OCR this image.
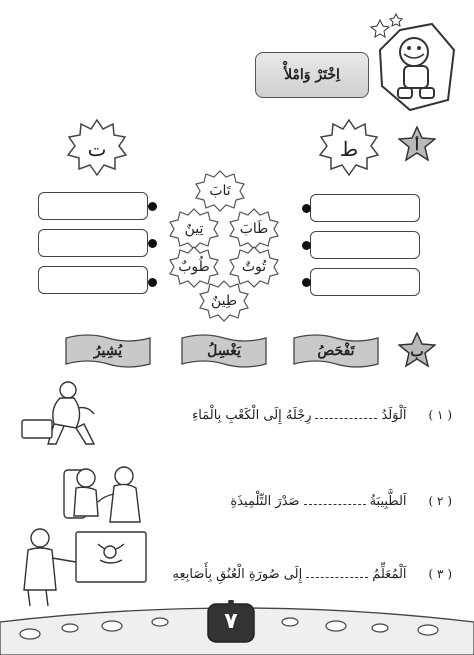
اِخْتَرْ وَامْلأْ
أ
ط
ت
تَابَ
طَابَ
تِينٌ
تُوتٌ
طُوبٌ
طِينٌ
ب
تَفْحَصُ
يَغْسِلُ
يُشِيرُ
( ١ )
اَلْوَلَدُ
رِجْلَهُ إِلَى الْكَعْبِ بِالْمَاءِ
( ٢ )
اَلطَّبِيبَةُ
صَدْرَ التِّلْمِيذَةِ
( ٣ )
اَلْمُعَلِّمُ
إِلَى صُورَةِ الْعُنُقِ بِأَصَابِعِهِ
٧
